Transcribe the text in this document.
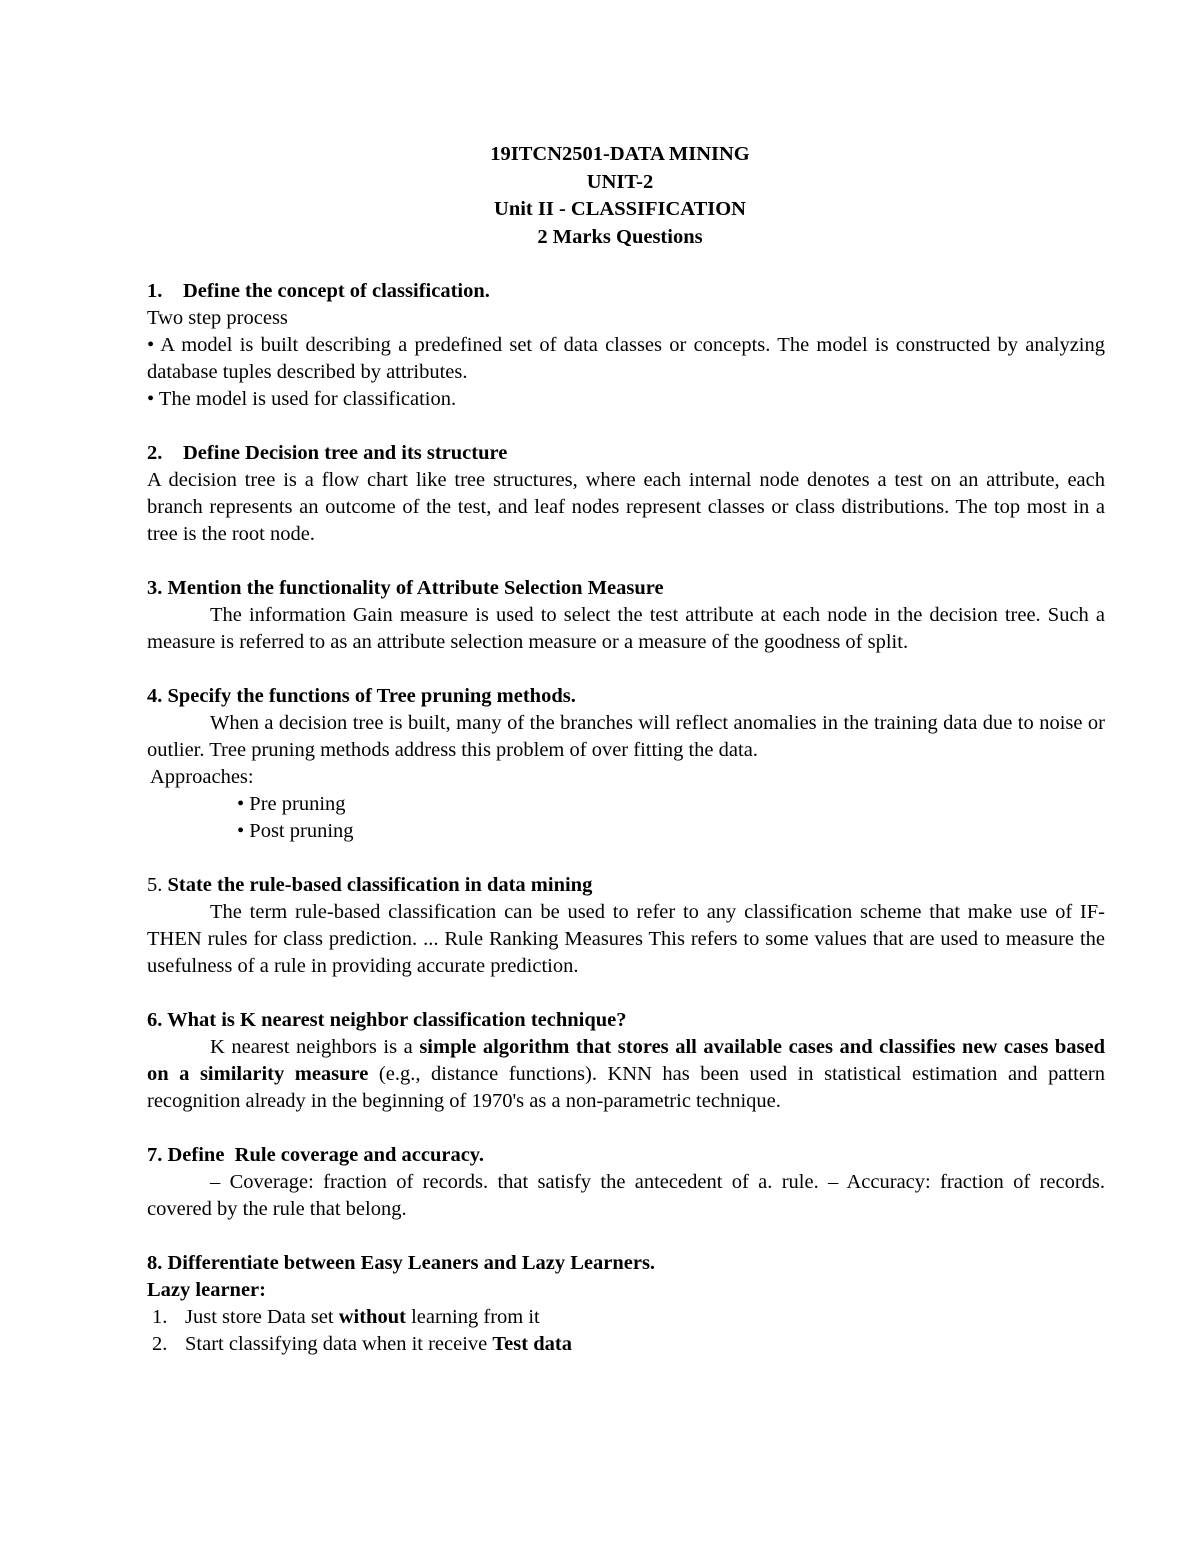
19ITCN2501-DATA MINING
UNIT-2
Unit II - CLASSIFICATION
2 Marks Questions
1. Define the concept of classification.

Two step process

• A model is built describing a predefined set of data classes or concepts. The model is constructed by analyzing database tuples described by attributes.

• The model is used for classification.

2. Define Decision tree and its structure

A decision tree is a flow chart like tree structures, where each internal node denotes a test on an attribute, each branch represents an outcome of the test, and leaf nodes represent classes or class distributions. The top most in a tree is the root node.

3. Mention the functionality of Attribute Selection Measure

The information Gain measure is used to select the test attribute at each node in the decision tree. Such a measure is referred to as an attribute selection measure or a measure of the goodness of split.

4. Specify the functions of Tree pruning methods.

When a decision tree is built, many of the branches will reflect anomalies in the training data due to noise or outlier. Tree pruning methods address this problem of over fitting the data.

Approaches:

• Pre pruning

• Post pruning

5. State the rule-based classification in data mining

The term rule-based classification can be used to refer to any classification scheme that make use of IF-THEN rules for class prediction. ... Rule Ranking Measures This refers to some values that are used to measure the usefulness of a rule in providing accurate prediction.

6. What is K nearest neighbor classification technique?

K nearest neighbors is a simple algorithm that stores all available cases and classifies new cases based on a similarity measure (e.g., distance functions). KNN has been used in statistical estimation and pattern recognition already in the beginning of 1970's as a non-parametric technique.

7. Define  Rule coverage and accuracy.

– Coverage: fraction of records. that satisfy the antecedent of a. rule. – Accuracy: fraction of records. covered by the rule that belong.

8. Differentiate between Easy Leaners and Lazy Learners.
Lazy learner:

1. Just store Data set without learning from it

2. Start classifying data when it receive Test data
